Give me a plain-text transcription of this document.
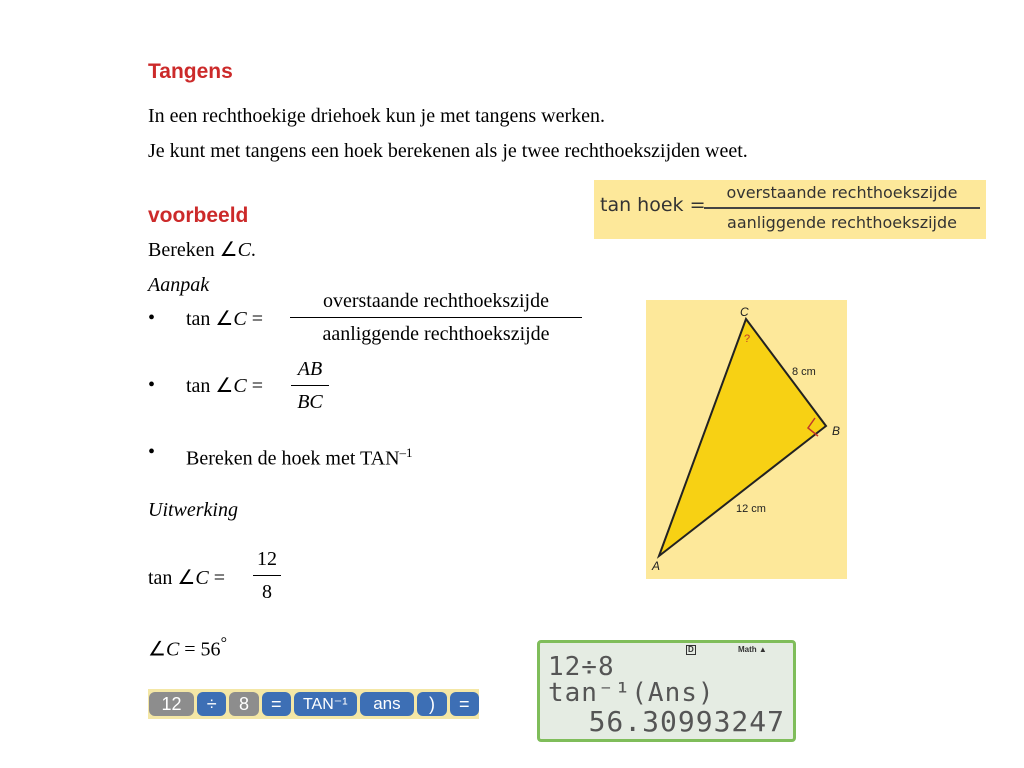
Tangens
In een rechthoekige driehoek kun je met tangens werken.
Je kunt met tangens een hoek berekenen als je twee rechthoekszijden weet.
tan hoek =
overstaande rechthoekszijde
aanliggende rechthoekszijde
voorbeeld
Bereken ∠C.
Aanpak
• tan ∠C =
overstaande rechthoekszijde
aanliggende rechthoekszijde
• tan ∠C =
AB
BC
• Bereken de hoek met $TAN^{-1}$
Uitwerking
tan ∠C =
12
8
∠C = 56°
C
?
8 cm
B
12 cm
A
D	Math ▲
12÷8
tan⁻¹(Ans)
56.30993247
12	÷	8	=	TAN⁻¹	ans	)	=
